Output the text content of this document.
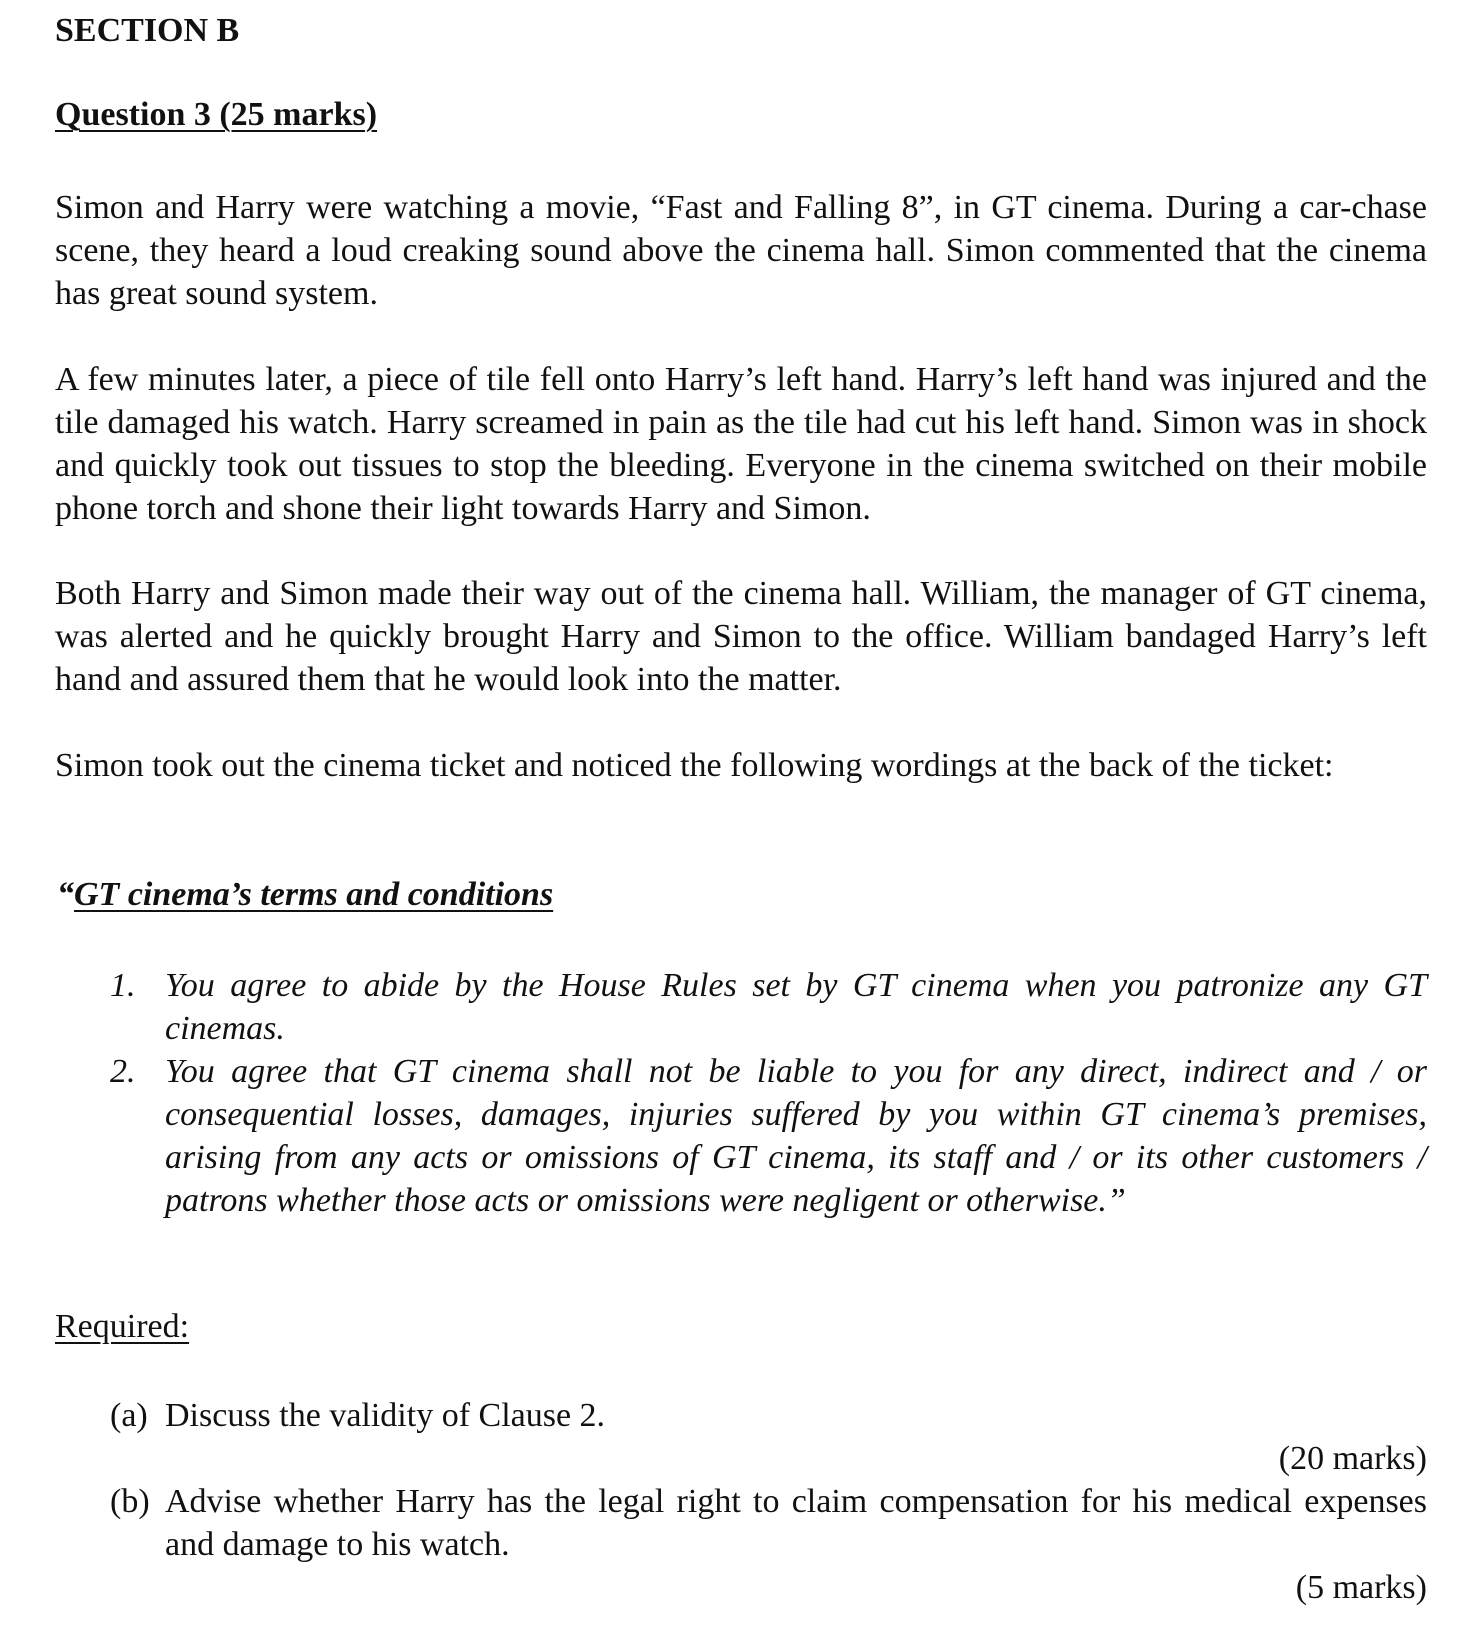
SECTION B
Question 3 (25 marks)

Simon and Harry were watching a movie, “Fast and Falling 8”, in GT cinema. During a car-chase scene, they heard a loud creaking sound above the cinema hall. Simon commented that the cinema has great sound system.

A few minutes later, a piece of tile fell onto Harry’s left hand. Harry’s left hand was injured and the tile damaged his watch. Harry screamed in pain as the tile had cut his left hand. Simon was in shock and quickly took out tissues to stop the bleeding. Everyone in the cinema switched on their mobile phone torch and shone their light towards Harry and Simon.

Both Harry and Simon made their way out of the cinema hall. William, the manager of GT cinema, was alerted and he quickly brought Harry and Simon to the office. William bandaged Harry’s left hand and assured them that he would look into the matter.

Simon took out the cinema ticket and noticed the following wordings at the back of the ticket:

“GT cinema’s terms and conditions
1. You agree to abide by the House Rules set by GT cinema when you patronize any GT cinemas.
2. You agree that GT cinema shall not be liable to you for any direct, indirect and / or consequential losses, damages, injuries suffered by you within GT cinema’s premises, arising from any acts or omissions of GT cinema, its staff and / or its other customers / patrons whether those acts or omissions were negligent or otherwise.”
Required:
(a) Discuss the validity of Clause 2.
(20 marks)
(b) Advise whether Harry has the legal right to claim compensation for his medical expenses and damage to his watch.
(5 marks)
